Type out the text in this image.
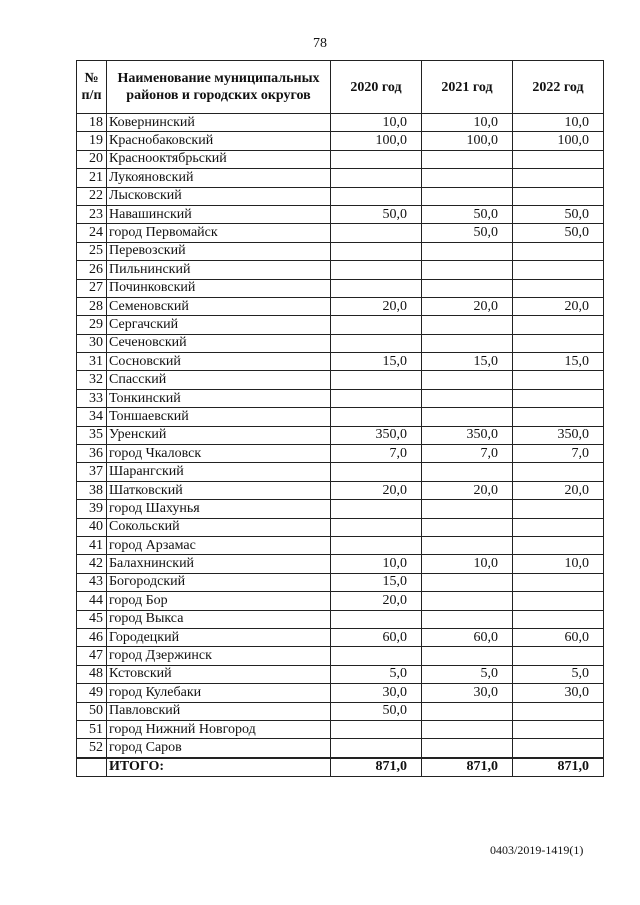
78
№ п/п	Наименование муниципальных районов и городских округов	2020 год	2021 год	2022 год
18	Ковернинский	10,0	10,0	10,0
19	Краснобаковский	100,0	100,0	100,0
20	Краснооктябрьский			
21	Лукояновский			
22	Лысковский			
23	Навашинский	50,0	50,0	50,0
24	город Первомайск		50,0	50,0
25	Перевозский			
26	Пильнинский			
27	Починковский			
28	Семеновский	20,0	20,0	20,0
29	Сергачский			
30	Сеченовский			
31	Сосновский	15,0	15,0	15,0
32	Спасский			
33	Тонкинский			
34	Тоншаевский			
35	Уренский	350,0	350,0	350,0
36	город Чкаловск	7,0	7,0	7,0
37	Шарангский			
38	Шатковский	20,0	20,0	20,0
39	город Шахунья			
40	Сокольский			
41	город Арзамас			
42	Балахнинский	10,0	10,0	10,0
43	Богородский	15,0		
44	город Бор	20,0		
45	город Выкса			
46	Городецкий	60,0	60,0	60,0
47	город Дзержинск			
48	Кстовский	5,0	5,0	5,0
49	город Кулебаки	30,0	30,0	30,0
50	Павловский	50,0		
51	город Нижний Новгород			
52	город Саров			
	ИТОГО:	871,0	871,0	871,0
0403/2019-1419(1)
